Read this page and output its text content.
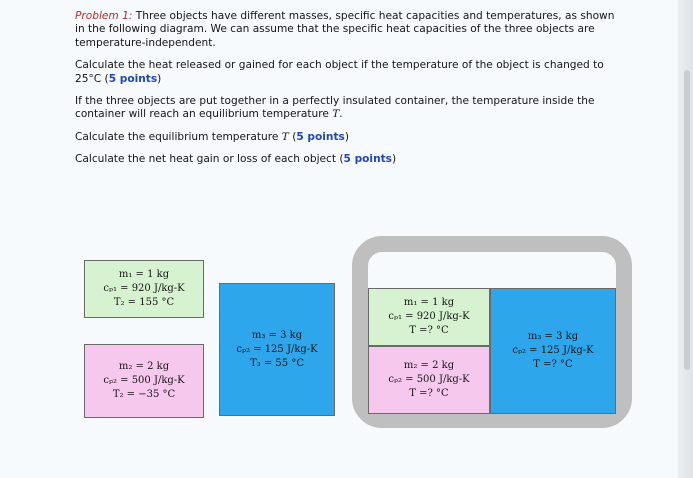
Problem 1: Three objects have different masses, specific heat capacities and temperatures, as shown in the following diagram. We can assume that the specific heat capacities of the three objects are temperature-independent.

Calculate the heat released or gained for each object if the temperature of the object is changed to 25°C (5 points)

If the three objects are put together in a perfectly insulated container, the temperature inside the container will reach an equilibrium temperature T.

Calculate the equilibrium temperature T (5 points)

Calculate the net heat gain or loss of each object (5 points)

m₁ = 1 kg
cₚ₁ = 920 J/kg-K
T₂ = 155 °C
m₃ = 3 kg
cₚ₂ = 125 J/kg-K
T₃ = 55 °C
m₂ = 2 kg
cₚ₂ = 500 J/kg-K
T₂ = −35 °C
m₁ = 1 kg
cₚ₁ = 920 J/kg-K
T =? °C
m₂ = 2 kg
cₚ₂ = 500 J/kg-K
T =? °C
m₃ = 3 kg
cₚ₂ = 125 J/kg-K
T =? °C
